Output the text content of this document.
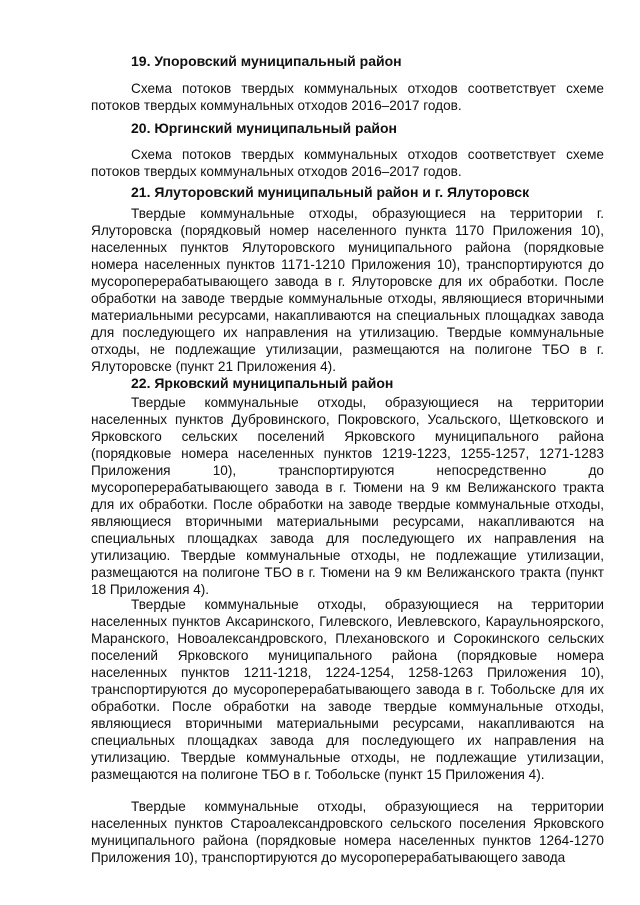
19. Упоровский муниципальный район

Схема потоков твердых коммунальных отходов соответствует схеме потоков твердых коммунальных отходов 2016–2017 годов.

20. Юргинский муниципальный район

Схема потоков твердых коммунальных отходов соответствует схеме потоков твердых коммунальных отходов 2016–2017 годов.

21. Ялуторовский муниципальный район и г. Ялуторовск

Твердые коммунальные отходы, образующиеся на территории г. Ялуторовска (порядковый номер населенного пункта 1170 Приложения 10), населенных пунктов Ялуторовского муниципального района (порядковые номера населенных пунктов 1171-1210 Приложения 10), транспортируются до мусороперерабатывающего завода в г. Ялуторовске для их обработки. После обработки на заводе твердые коммунальные отходы, являющиеся вторичными материальными ресурсами, накапливаются на специальных площадках завода для последующего их направления на утилизацию. Твердые коммунальные отходы, не подлежащие утилизации, размещаются на полигоне ТБО в г. Ялуторовске (пункт 21 Приложения 4).

22. Ярковский муниципальный район

Твердые коммунальные отходы, образующиеся на территории населенных пунктов Дубровинского, Покровского, Усальского, Щетковского и Ярковского сельских поселений Ярковского муниципального района (порядковые номера населенных пунктов 1219-1223, 1255-1257, 1271-1283 Приложения 10), транспортируются непосредственно до мусороперерабатывающего завода в г. Тюмени на 9 км Велижанского тракта для их обработки. После обработки на заводе твердые коммунальные отходы, являющиеся вторичными материальными ресурсами, накапливаются на специальных площадках завода для последующего их направления на утилизацию. Твердые коммунальные отходы, не подлежащие утилизации, размещаются на полигоне ТБО в г. Тюмени на 9 км Велижанского тракта (пункт 18 Приложения 4).

Твердые коммунальные отходы, образующиеся на территории населенных пунктов Аксаринского, Гилевского, Иевлевского, Караульноярского, Маранского, Новоалександровского, Плехановского и Сорокинского сельских поселений Ярковского муниципального района (порядковые номера населенных пунктов 1211-1218, 1224-1254, 1258-1263 Приложения 10), транспортируются до мусороперерабатывающего завода в г. Тобольске для их обработки. После обработки на заводе твердые коммунальные отходы, являющиеся вторичными материальными ресурсами, накапливаются на специальных площадках завода для последующего их направления на утилизацию. Твердые коммунальные отходы, не подлежащие утилизации, размещаются на полигоне ТБО в г. Тобольске (пункт 15 Приложения 4).

Твердые коммунальные отходы, образующиеся на территории населенных пунктов Староалександровского сельского поселения Ярковского муниципального района (порядковые номера населенных пунктов 1264-1270 Приложения 10), транспортируются до мусороперерабатывающего завода
